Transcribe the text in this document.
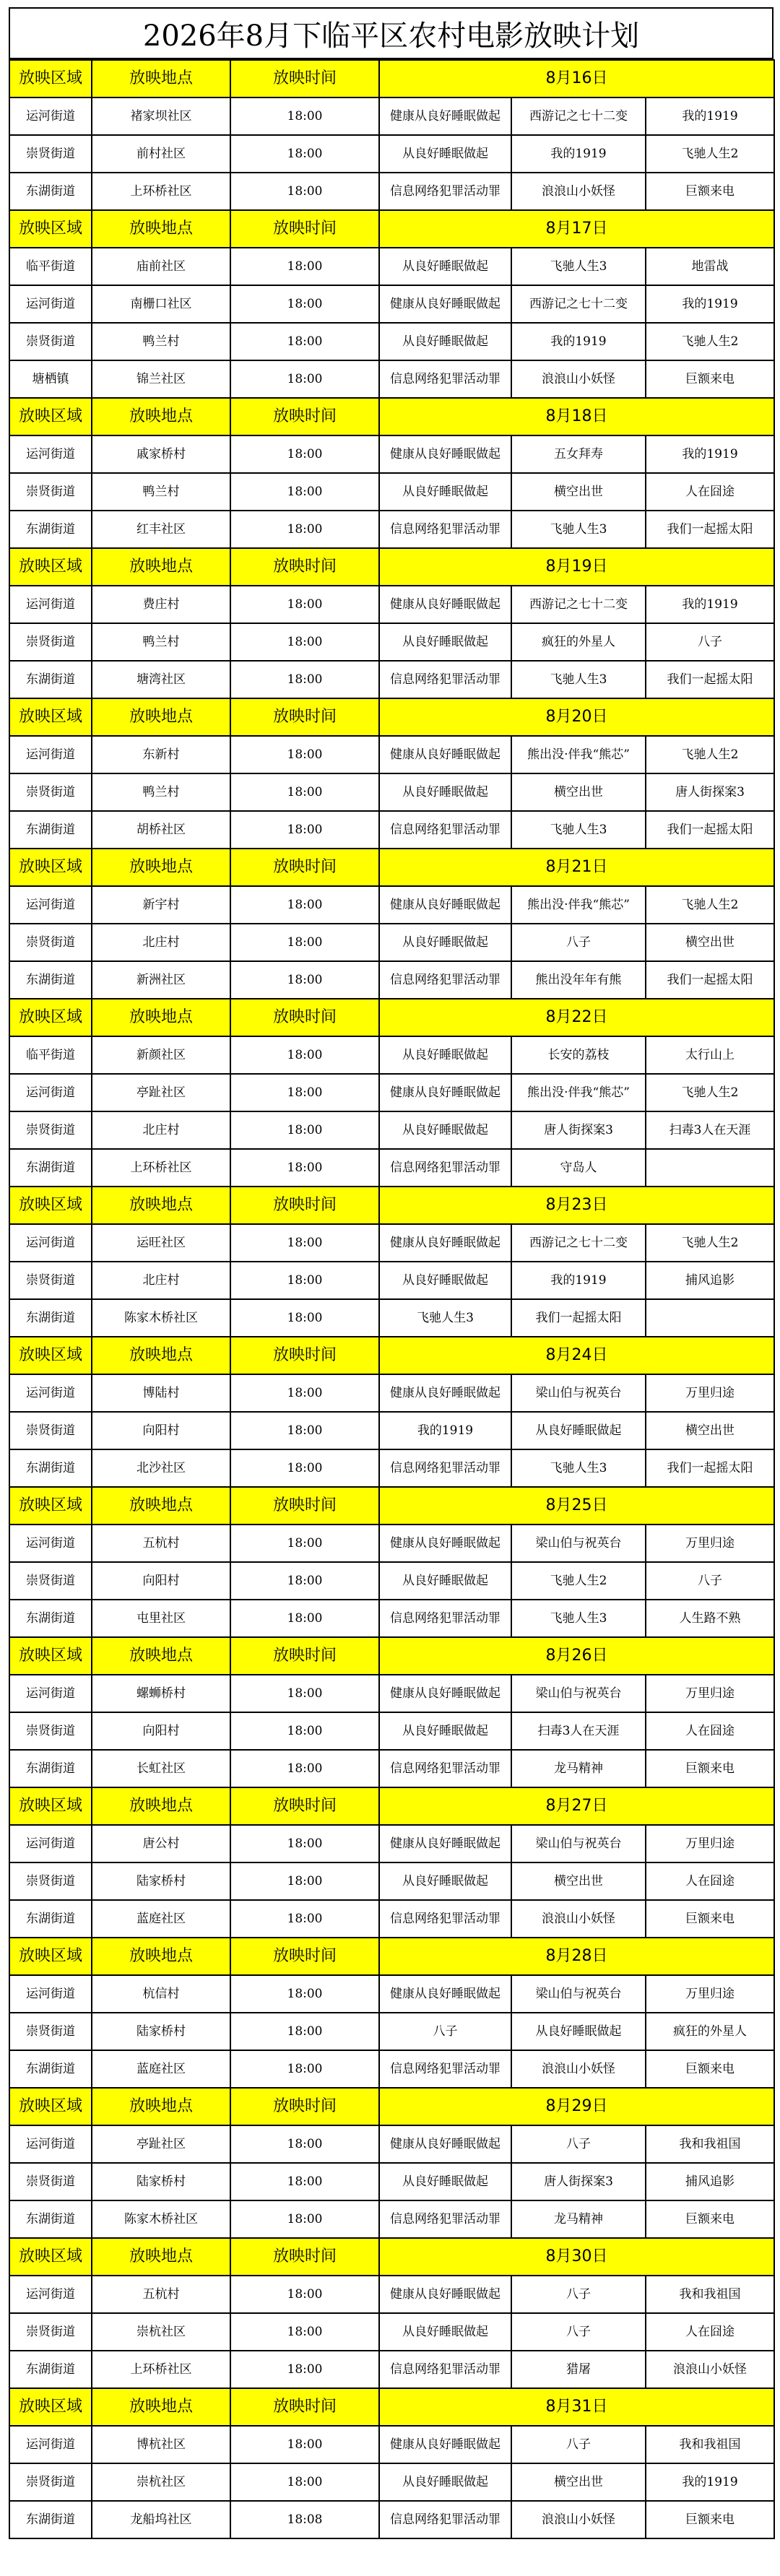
2026年8月下临平区农村电影放映计划
放映区域	放映地点	放映时间	8月16日		
运河街道	褚家坝社区	18:00	健康从良好睡眠做起	西游记之七十二变	我的1919
崇贤街道	前村社区	18:00	从良好睡眠做起	我的1919	飞驰人生2
东湖街道	上环桥社区	18:00	信息网络犯罪活动罪	浪浪山小妖怪	巨额来电
放映区域	放映地点	放映时间	8月17日		
临平街道	庙前社区	18:00	从良好睡眠做起	飞驰人生3	地雷战
运河街道	南栅口社区	18:00	健康从良好睡眠做起	西游记之七十二变	我的1919
崇贤街道	鸭兰村	18:00	从良好睡眠做起	我的1919	飞驰人生2
塘栖镇	锦兰社区	18:00	信息网络犯罪活动罪	浪浪山小妖怪	巨额来电
放映区域	放映地点	放映时间	8月18日		
运河街道	戚家桥村	18:00	健康从良好睡眠做起	五女拜寿	我的1919
崇贤街道	鸭兰村	18:00	从良好睡眠做起	横空出世	人在囧途
东湖街道	红丰社区	18:00	信息网络犯罪活动罪	飞驰人生3	我们一起摇太阳
放映区域	放映地点	放映时间	8月19日		
运河街道	费庄村	18:00	健康从良好睡眠做起	西游记之七十二变	我的1919
崇贤街道	鸭兰村	18:00	从良好睡眠做起	疯狂的外星人	八子
东湖街道	塘湾社区	18:00	信息网络犯罪活动罪	飞驰人生3	我们一起摇太阳
放映区域	放映地点	放映时间	8月20日		
运河街道	东新村	18:00	健康从良好睡眠做起	熊出没·伴我“熊芯”	飞驰人生2
崇贤街道	鸭兰村	18:00	从良好睡眠做起	横空出世	唐人街探案3
东湖街道	胡桥社区	18:00	信息网络犯罪活动罪	飞驰人生3	我们一起摇太阳
放映区域	放映地点	放映时间	8月21日		
运河街道	新宇村	18:00	健康从良好睡眠做起	熊出没·伴我“熊芯”	飞驰人生2
崇贤街道	北庄村	18:00	从良好睡眠做起	八子	横空出世
东湖街道	新洲社区	18:00	信息网络犯罪活动罪	熊出没年年有熊	我们一起摇太阳
放映区域	放映地点	放映时间	8月22日		
临平街道	新颜社区	18:00	从良好睡眠做起	长安的荔枝	太行山上
运河街道	亭趾社区	18:00	健康从良好睡眠做起	熊出没·伴我“熊芯”	飞驰人生2
崇贤街道	北庄村	18:00	从良好睡眠做起	唐人街探案3	扫毒3人在天涯
东湖街道	上环桥社区	18:00	信息网络犯罪活动罪	守岛人	
放映区域	放映地点	放映时间	8月23日		
运河街道	运旺社区	18:00	健康从良好睡眠做起	西游记之七十二变	飞驰人生2
崇贤街道	北庄村	18:00	从良好睡眠做起	我的1919	捕风追影
东湖街道	陈家木桥社区	18:00	飞驰人生3	我们一起摇太阳	
放映区域	放映地点	放映时间	8月24日		
运河街道	博陆村	18:00	健康从良好睡眠做起	梁山伯与祝英台	万里归途
崇贤街道	向阳村	18:00	我的1919	从良好睡眠做起	横空出世
东湖街道	北沙社区	18:00	信息网络犯罪活动罪	飞驰人生3	我们一起摇太阳
放映区域	放映地点	放映时间	8月25日		
运河街道	五杭村	18:00	健康从良好睡眠做起	梁山伯与祝英台	万里归途
崇贤街道	向阳村	18:00	从良好睡眠做起	飞驰人生2	八子
东湖街道	屯里社区	18:00	信息网络犯罪活动罪	飞驰人生3	人生路不熟
放映区域	放映地点	放映时间	8月26日		
运河街道	螺蛳桥村	18:00	健康从良好睡眠做起	梁山伯与祝英台	万里归途
崇贤街道	向阳村	18:00	从良好睡眠做起	扫毒3人在天涯	人在囧途
东湖街道	长虹社区	18:00	信息网络犯罪活动罪	龙马精神	巨额来电
放映区域	放映地点	放映时间	8月27日		
运河街道	唐公村	18:00	健康从良好睡眠做起	梁山伯与祝英台	万里归途
崇贤街道	陆家桥村	18:00	从良好睡眠做起	横空出世	人在囧途
东湖街道	蓝庭社区	18:00	信息网络犯罪活动罪	浪浪山小妖怪	巨额来电
放映区域	放映地点	放映时间	8月28日		
运河街道	杭信村	18:00	健康从良好睡眠做起	梁山伯与祝英台	万里归途
崇贤街道	陆家桥村	18:00	八子	从良好睡眠做起	疯狂的外星人
东湖街道	蓝庭社区	18:00	信息网络犯罪活动罪	浪浪山小妖怪	巨额来电
放映区域	放映地点	放映时间	8月29日		
运河街道	亭趾社区	18:00	健康从良好睡眠做起	八子	我和我祖国
崇贤街道	陆家桥村	18:00	从良好睡眠做起	唐人街探案3	捕风追影
东湖街道	陈家木桥社区	18:00	信息网络犯罪活动罪	龙马精神	巨额来电
放映区域	放映地点	放映时间	8月30日		
运河街道	五杭村	18:00	健康从良好睡眠做起	八子	我和我祖国
崇贤街道	崇杭社区	18:00	从良好睡眠做起	八子	人在囧途
东湖街道	上环桥社区	18:00	信息网络犯罪活动罪	猎屠	浪浪山小妖怪
放映区域	放映地点	放映时间	8月31日		
运河街道	博杭社区	18:00	健康从良好睡眠做起	八子	我和我祖国
崇贤街道	崇杭社区	18:00	从良好睡眠做起	横空出世	我的1919
东湖街道	龙船坞社区	18:08	信息网络犯罪活动罪	浪浪山小妖怪	巨额来电
